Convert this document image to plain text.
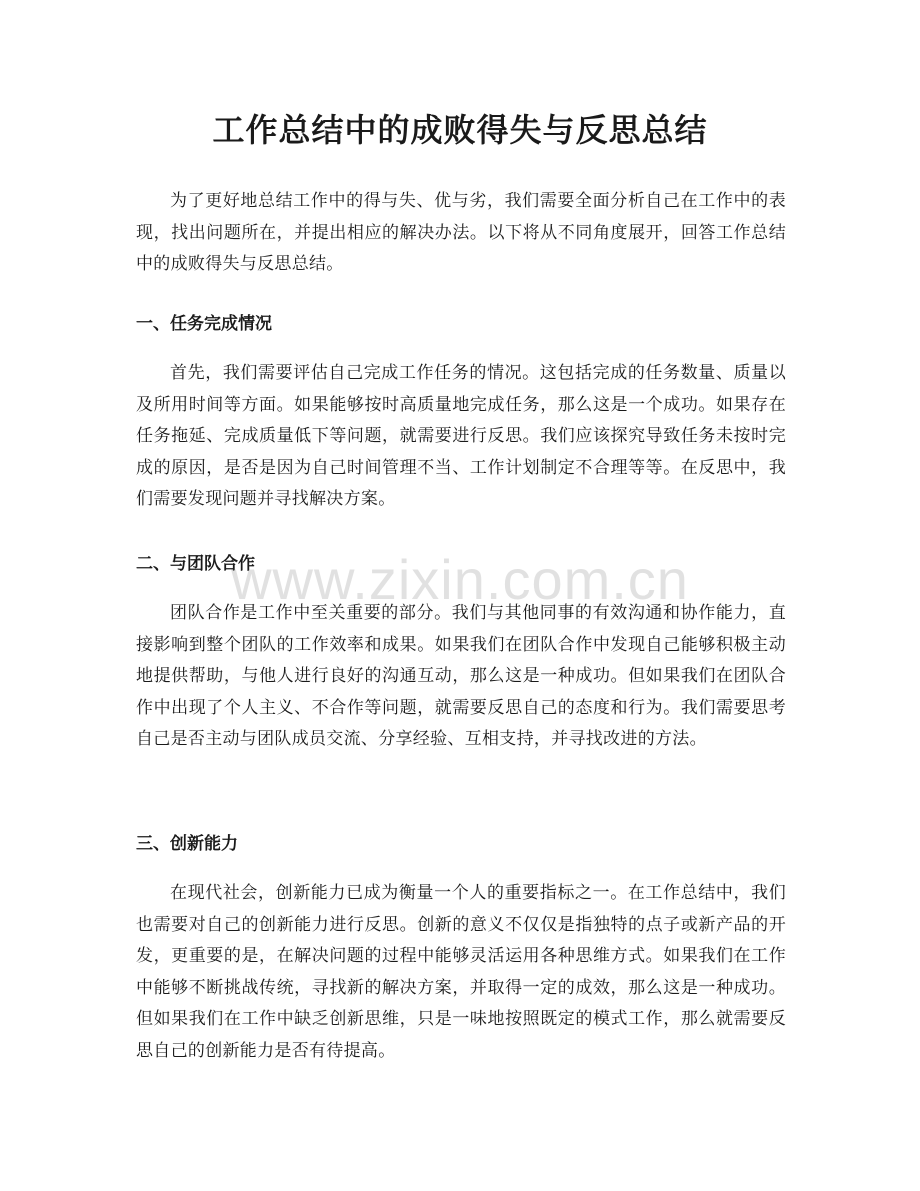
工作总结中的成败得失与反思总结

为了更好地总结工作中的得与失、优与劣，我们需要全面分析自己在工作中的表现，找出问题所在，并提出相应的解决办法。以下将从不同角度展开，回答工作总结中的成败得失与反思总结。

一、任务完成情况

首先，我们需要评估自己完成工作任务的情况。这包括完成的任务数量、质量以及所用时间等方面。如果能够按时高质量地完成任务，那么这是一个成功。如果存在任务拖延、完成质量低下等问题，就需要进行反思。我们应该探究导致任务未按时完成的原因，是否是因为自己时间管理不当、工作计划制定不合理等等。在反思中，我们需要发现问题并寻找解决方案。

二、与团队合作

团队合作是工作中至关重要的部分。我们与其他同事的有效沟通和协作能力，直接影响到整个团队的工作效率和成果。如果我们在团队合作中发现自己能够积极主动地提供帮助，与他人进行良好的沟通互动，那么这是一种成功。但如果我们在团队合作中出现了个人主义、不合作等问题，就需要反思自己的态度和行为。我们需要思考自己是否主动与团队成员交流、分享经验、互相支持，并寻找改进的方法。

三、创新能力

在现代社会，创新能力已成为衡量一个人的重要指标之一。在工作总结中，我们也需要对自己的创新能力进行反思。创新的意义不仅仅是指独特的点子或新产品的开发，更重要的是，在解决问题的过程中能够灵活运用各种思维方式。如果我们在工作中能够不断挑战传统，寻找新的解决方案，并取得一定的成效，那么这是一种成功。但如果我们在工作中缺乏创新思维，只是一味地按照既定的模式工作，那么就需要反思自己的创新能力是否有待提高。

www.zixin.com.cn
